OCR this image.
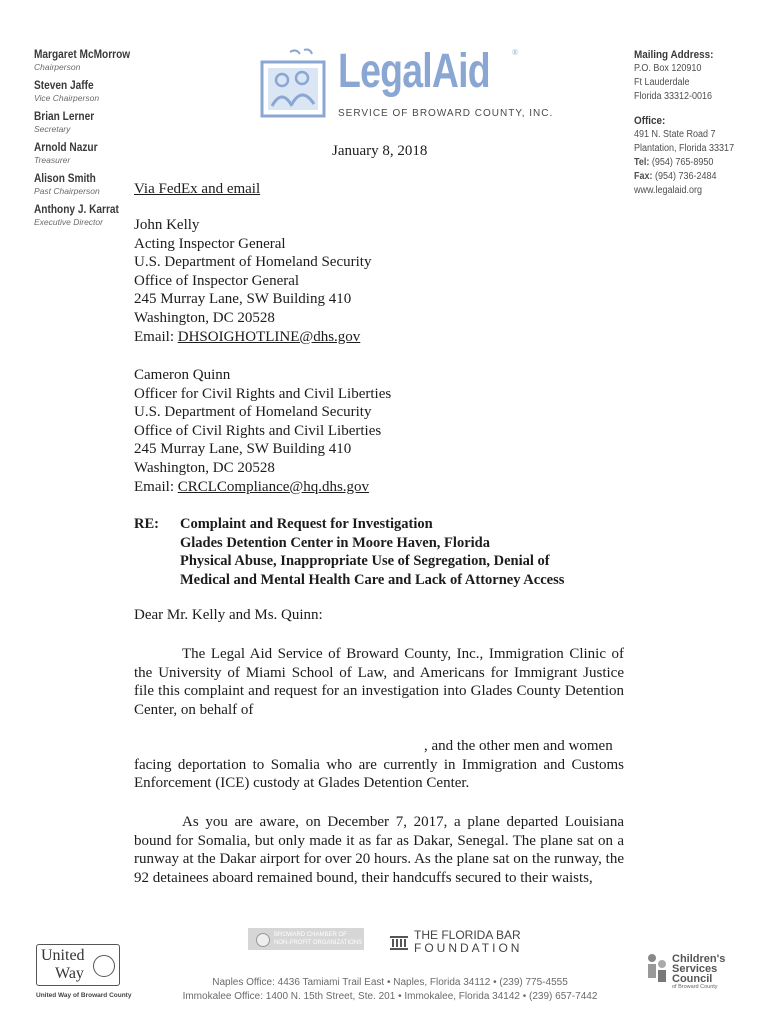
Margaret McMorrow
Chairperson
Steven Jaffe
Vice Chairperson
Brian Lerner
Secretary
Arnold Nazur
Treasurer
Alison Smith
Past Chairperson
Anthony J. Karrat
Executive Director
LegalAid	®
SERVICE OF BROWARD COUNTY, INC.
Mailing Address:
P.O. Box 120910
Ft Lauderdale
Florida 33312-0016
Office:
491 N. State Road 7
Plantation, Florida 33317
Tel: (954) 765-8950
Fax: (954) 736-2484
www.legalaid.org
January 8, 2018
Via FedEx and email
John Kelly
Acting Inspector General
U.S. Department of Homeland Security
Office of Inspector General
245 Murray Lane, SW Building 410
Washington, DC 20528
Email: DHSOIGHOTLINE@dhs.gov
Cameron Quinn
Officer for Civil Rights and Civil Liberties
U.S. Department of Homeland Security
Office of Civil Rights and Civil Liberties
245 Murray Lane, SW Building 410
Washington, DC 20528
Email: CRCLCompliance@hq.dhs.gov
RE: Complaint and Request for Investigation
Glades Detention Center in Moore Haven, Florida
Physical Abuse, Inappropriate Use of Segregation, Denial of
Medical and Mental Health Care and Lack of Attorney Access
Dear Mr. Kelly and Ms. Quinn:
The Legal Aid Service of Broward County, Inc., Immigration Clinic of the University of Miami School of Law, and Americans for Immigrant Justice file this complaint and request for an investigation into Glades County Detention Center, on behalf of
, and the other men and women
facing deportation to Somalia who are currently in Immigration and Customs Enforcement (ICE) custody at Glades Detention Center.
As you are aware, on December 7, 2017, a plane departed Louisiana bound for Somalia, but only made it as far as Dakar, Senegal. The plane sat on a runway at the Dakar airport for over 20 hours. As the plane sat on the runway, the 92 detainees aboard remained bound, their handcuffs secured to their waists,
United
Way
United Way of Broward County
BROWARD CHAMBER OF
NON-PROFIT ORGANIZATIONS
THE FLORIDA BAR
FOUNDATION
Naples Office: 4436 Tamiami Trail East • Naples, Florida 34112 • (239) 775-4555
Immokalee Office: 1400 N. 15th Street, Ste. 201 • Immokalee, Florida 34142 • (239) 657-7442
Children's
Services
Council
of Broward County
